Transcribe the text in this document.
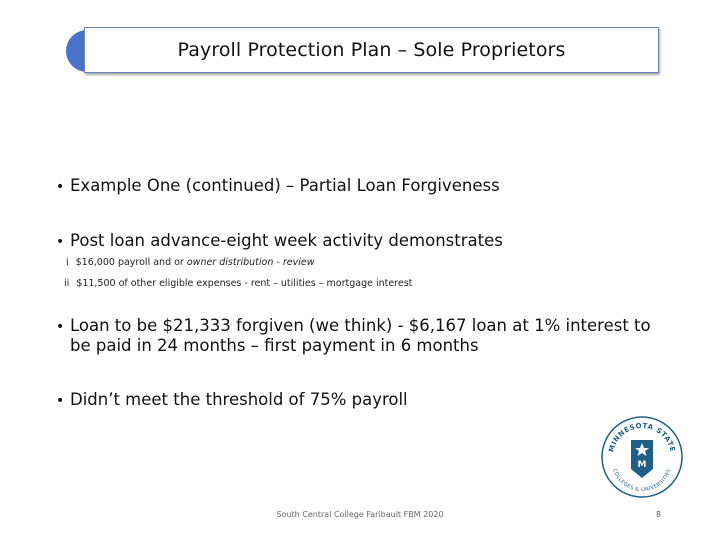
Payroll Protection Plan – Sole Proprietors
• Example One (continued) – Partial Loan Forgiveness
• Post loan advance-eight week activity demonstrates
i $16,000 payroll and or owner distribution - review
ii $11,500 of other eligible expenses - rent – utilities – mortgage interest
• Loan to be $21,333 forgiven (we think) - $6,167 loan at 1% interest to
be paid in 24 months – first payment in 6 months
• Didn’t meet the threshold of 75% payroll
MINNESOTA STATE
COLLEGES & UNIVERSITIES
M
South Central College Faribault FBM 2020	8
